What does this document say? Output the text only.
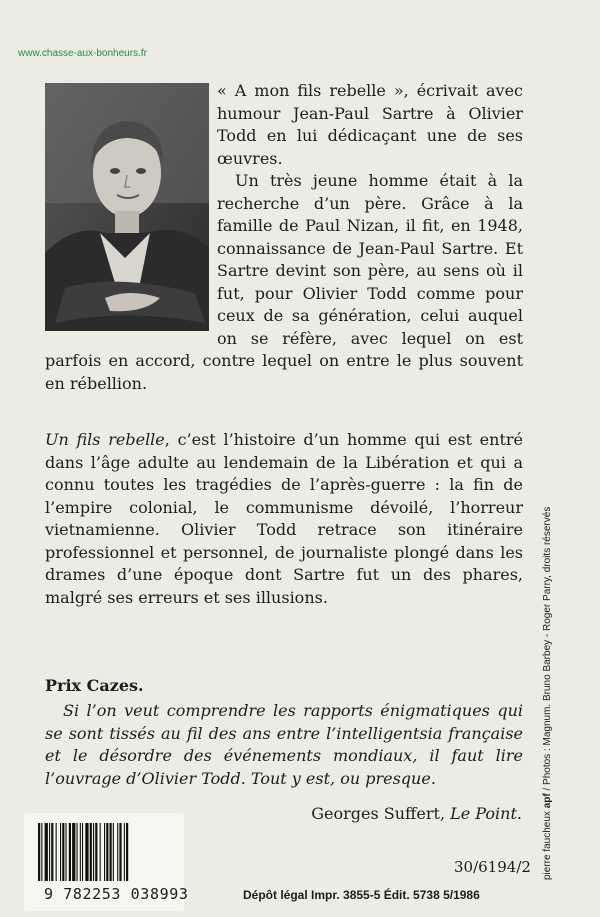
www.chasse-aux-bonheurs.fr

« A mon fils rebelle », écrivait avec humour Jean-Paul Sartre à Olivier Todd en lui dédicaçant une de ses œuvres.

Un très jeune homme était à la recherche d’un père. Grâce à la famille de Paul Nizan, il fit, en 1948, connaissance de Jean-Paul Sartre. Et Sartre devint son père, au sens où il fut, pour Olivier Todd comme pour ceux de sa génération, celui auquel on se réfère, avec lequel on est parfois en accord, contre lequel on entre le plus souvent en rébellion.

Un fils rebelle, c’est l’histoire d’un homme qui est entré dans l’âge adulte au lendemain de la Libération et qui a connu toutes les tragédies de l’après-guerre : la fin de l’empire colonial, le communisme dévoilé, l’horreur vietnamienne. Olivier Todd retrace son itinéraire professionnel et personnel, de journaliste plongé dans les drames d’une époque dont Sartre fut un des phares, malgré ses erreurs et ses illusions.

Prix Cazes.

Si l’on veut comprendre les rapports énigmatiques qui se sont tissés au fil des ans entre l’intelligentsia française et le désordre des événements mondiaux, il faut lire l’ouvrage d’Olivier Todd. Tout y est, ou presque.

Georges Suffert, Le Point.
9 782253 038993
30/6194/2
Dépôt légal Impr. 3855-5 Édit. 5738 5/1986
pierre faucheux apf / Photos : Magnum. Bruno Barbey - Roger Parry, droits réservés
